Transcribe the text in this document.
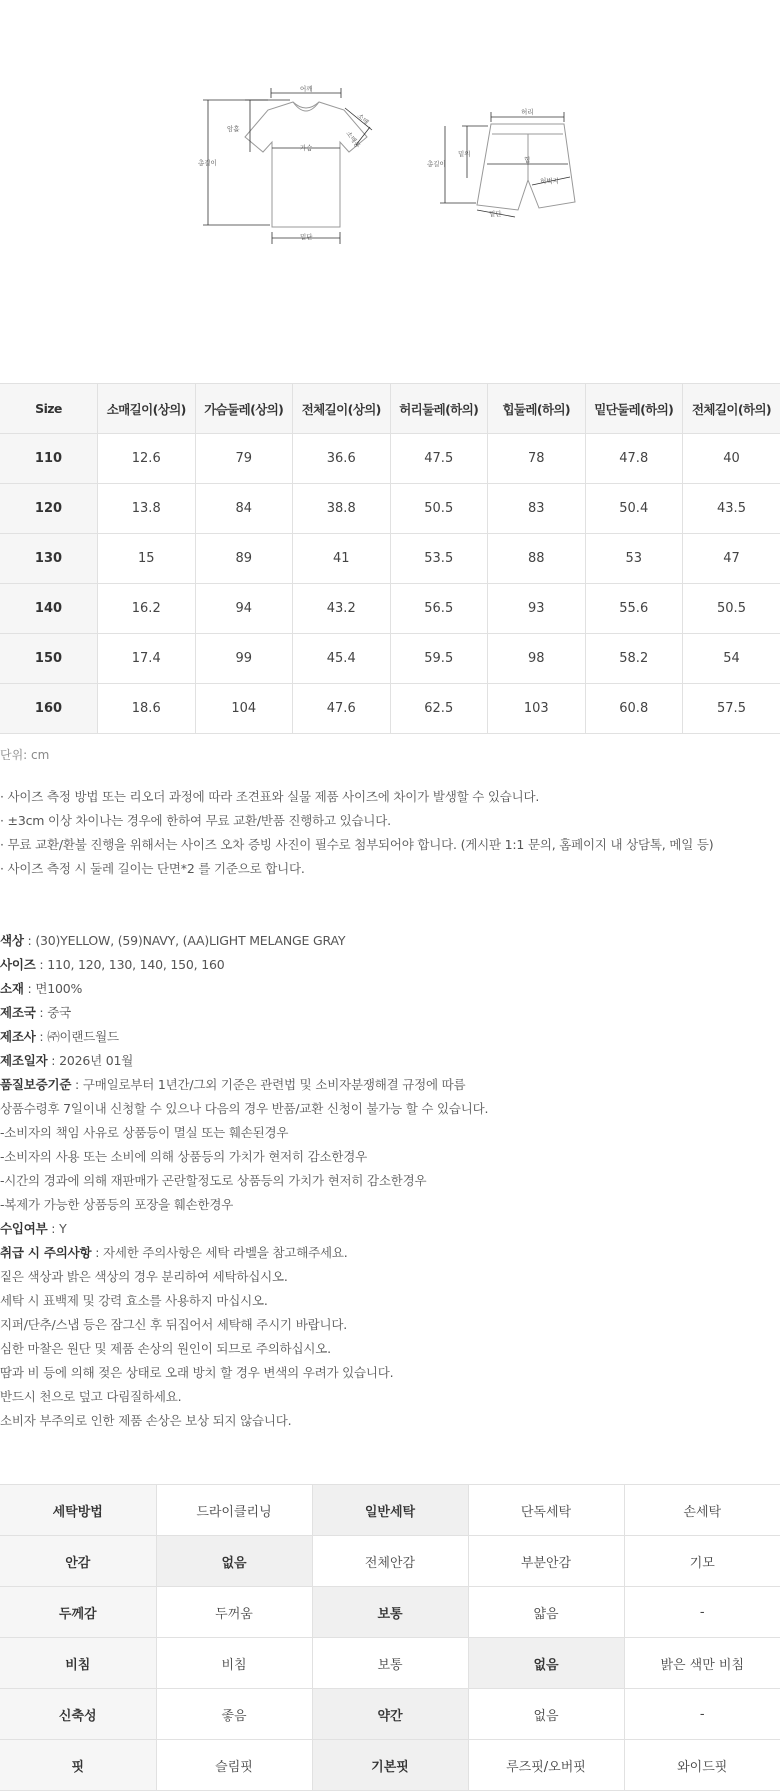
어깨
소매
소매통
암홀
가슴
총길이
밑단
허리
밑위
힙
허벅지
총길이
밑단
Size	소매길이(상의)	가슴둘레(상의)	전체길이(상의)	허리둘레(하의)	힙둘레(하의)	밑단둘레(하의)	전체길이(하의)
110	12.6	79	36.6	47.5	78	47.8	40
120	13.8	84	38.8	50.5	83	50.4	43.5
130	15	89	41	53.5	88	53	47
140	16.2	94	43.2	56.5	93	55.6	50.5
150	17.4	99	45.4	59.5	98	58.2	54
160	18.6	104	47.6	62.5	103	60.8	57.5
단위: cm
· 사이즈 측정 방법 또는 리오더 과정에 따라 조견표와 실물 제품 사이즈에 차이가 발생할 수 있습니다.
· ±3cm 이상 차이나는 경우에 한하여 무료 교환/반품 진행하고 있습니다.
· 무료 교환/환불 진행을 위해서는 사이즈 오차 증빙 사진이 필수로 첨부되어야 합니다. (게시판 1:1 문의, 홈페이지 내 상담톡, 메일 등)
· 사이즈 측정 시 둘레 길이는 단면*2 를 기준으로 합니다.
색상 : (30)YELLOW, (59)NAVY, (AA)LIGHT MELANGE GRAY
사이즈 : 110, 120, 130, 140, 150, 160
소재 : 면100%
제조국 : 중국
제조사 : ㈜이랜드월드
제조일자 : 2026년 01월
품질보증기준 : 구매일로부터 1년간/그외 기준은 관련법 및 소비자분쟁해결 규정에 따름
상품수령후 7일이내 신청할 수 있으나 다음의 경우 반품/교환 신청이 불가능 할 수 있습니다.
-소비자의 책임 사유로 상품등이 멸실 또는 훼손된경우
-소비자의 사용 또는 소비에 의해 상품등의 가치가 현저히 감소한경우
-시간의 경과에 의해 재판매가 곤란할정도로 상품등의 가치가 현저히 감소한경우
-복제가 가능한 상품등의 포장을 훼손한경우
수입여부 : Y
취급 시 주의사항 : 자세한 주의사항은 세탁 라벨을 참고해주세요.
짙은 색상과 밝은 색상의 경우 분리하여 세탁하십시오.
세탁 시 표백제 및 강력 효소를 사용하지 마십시오.
지퍼/단추/스냅 등은 잠그신 후 뒤집어서 세탁해 주시기 바랍니다.
심한 마찰은 원단 및 제품 손상의 원인이 되므로 주의하십시오.
땀과 비 등에 의해 젖은 상태로 오래 방치 할 경우 변색의 우려가 있습니다.
반드시 천으로 덮고 다림질하세요.
소비자 부주의로 인한 제품 손상은 보상 되지 않습니다.
세탁방법	드라이클리닝	일반세탁	단독세탁	손세탁
안감	없음	전체안감	부분안감	기모
두께감	두꺼움	보통	얇음	-
비침	비침	보통	없음	밝은 색만 비침
신축성	좋음	약간	없음	-
핏	슬림핏	기본핏	루즈핏/오버핏	와이드핏
